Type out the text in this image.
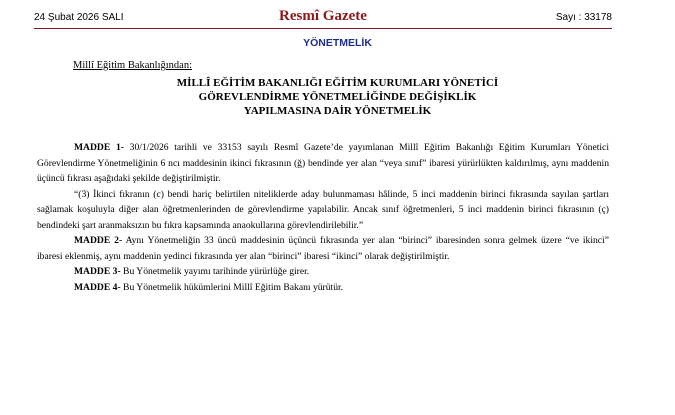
24 Şubat 2026 SALI	Resmî Gazete	Sayı : 33178
YÖNETMELİK
Millî Eğitim Bakanlığından:
MİLLÎ EĞİTİM BAKANLIĞI EĞİTİM KURUMLARI YÖNETİCİ
GÖREVLENDİRME YÖNETMELİĞİNDE DEĞİŞİKLİK
YAPILMASINA DAİR YÖNETMELİK

MADDE 1- 30/1/2026 tarihli ve 33153 sayılı Resmî Gazete’de yayımlanan Millî Eğitim Bakanlığı Eğitim Kurumları Yönetici Görevlendirme Yönetmeliğinin 6 ncı maddesinin ikinci fıkrasının (ğ) bendinde yer alan “veya sınıf” ibaresi yürürlükten kaldırılmış, aynı maddenin üçüncü fıkrası aşağıdaki şekilde değiştirilmiştir.

“(3) İkinci fıkranın (c) bendi hariç belirtilen niteliklerde aday bulunmaması hâlinde, 5 inci maddenin birinci fıkrasında sayılan şartları sağlamak koşuluyla diğer alan öğretmenlerinden de görevlendirme yapılabilir. Ancak sınıf öğretmenleri, 5 inci maddenin birinci fıkrasının (ç) bendindeki şart aranmaksızın bu fıkra kapsamında anaokullarına görevlendirilebilir.”

MADDE 2- Aynı Yönetmeliğin 33 üncü maddesinin üçüncü fıkrasında yer alan “birinci” ibaresinden sonra gelmek üzere “ve ikinci” ibaresi eklenmiş, aynı maddenin yedinci fıkrasında yer alan “birinci” ibaresi “ikinci” olarak değiştirilmiştir.

MADDE 3- Bu Yönetmelik yayımı tarihinde yürürlüğe girer.

MADDE 4- Bu Yönetmelik hükümlerini Millî Eğitim Bakanı yürütür.
